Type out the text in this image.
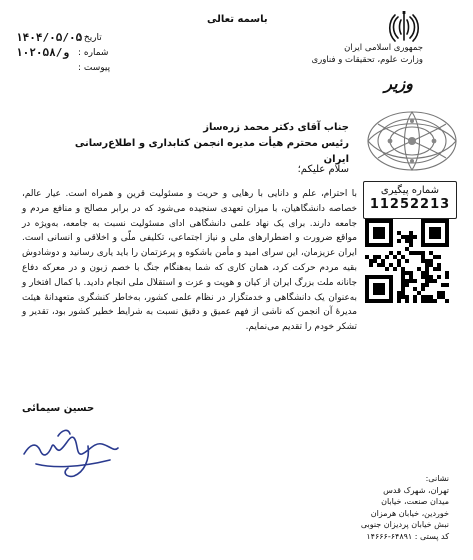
باسمه تعالی
۱۴۰۴/۰۵/۰۵
تاریخ :
۱۰۲۰۵۸/و شماره :
پیوست :
جمهوری اسلامی ایران
وزارت علوم، تحقیقات و فناوری
وزیر
شماره پیگیری
11252213
جناب آقای دکتر محمد زره‌ساز
رئیس محترم هیأت مدیره انجمن کتابداری و اطلاع‌رسانی ایران
سلام علیکم؛
با احترام، علم و دانایی با رهایی و حریت و مسئولیت قرین و همراه است. عیار عالم، خصاصه دانشگاهیان، با میزان تعهدی سنجیده می‌شود که در برابر مصالح و منافع مردم و جامعه دارند. برای یک نهاد علمی دانشگاهی ادای مسئولیت نسبت به جامعه، به‌ویژه در مواقع ضرورت و اضطرارهای ملی و نیاز اجتماعی، تکلیفی ملّی و اخلاقی و انسانی است. ایران عزیزمان، این سرای امید و مأمن باشکوه و پرعزتمان را باید یاری رسانید و دوشادوش بقیه مردم حرکت کرد، همان کاری که شما به‌هنگام جنگ با خصم زبون و در معرکه دفاع جانانه ملت بزرگ ایران از کیان و هویت و عزت و استقلال ملی انجام دادید. با کمال افتخار و به‌عنوان یک دانشگاهی و خدمتگزار در نظام علمی کشور، به‌خاطر کنشگری متعهدانهٔ هیئت مدیرهٔ آن انجمن که ناشی از فهم عمیق و دقیق نسبت به شرایط خطیر کشور بود، تقدیر و تشکر خودم را تقدیم می‌نمایم.
حسین سیمائی
نشانی:
تهران، شهرک قدس
میدان صنعت، خیابان
خوردین، خیابان هرمزان
نبش خیابان پردیزان جنوبی
کد پستی : ۶۴۸۹۱-۱۴۶۶۶
